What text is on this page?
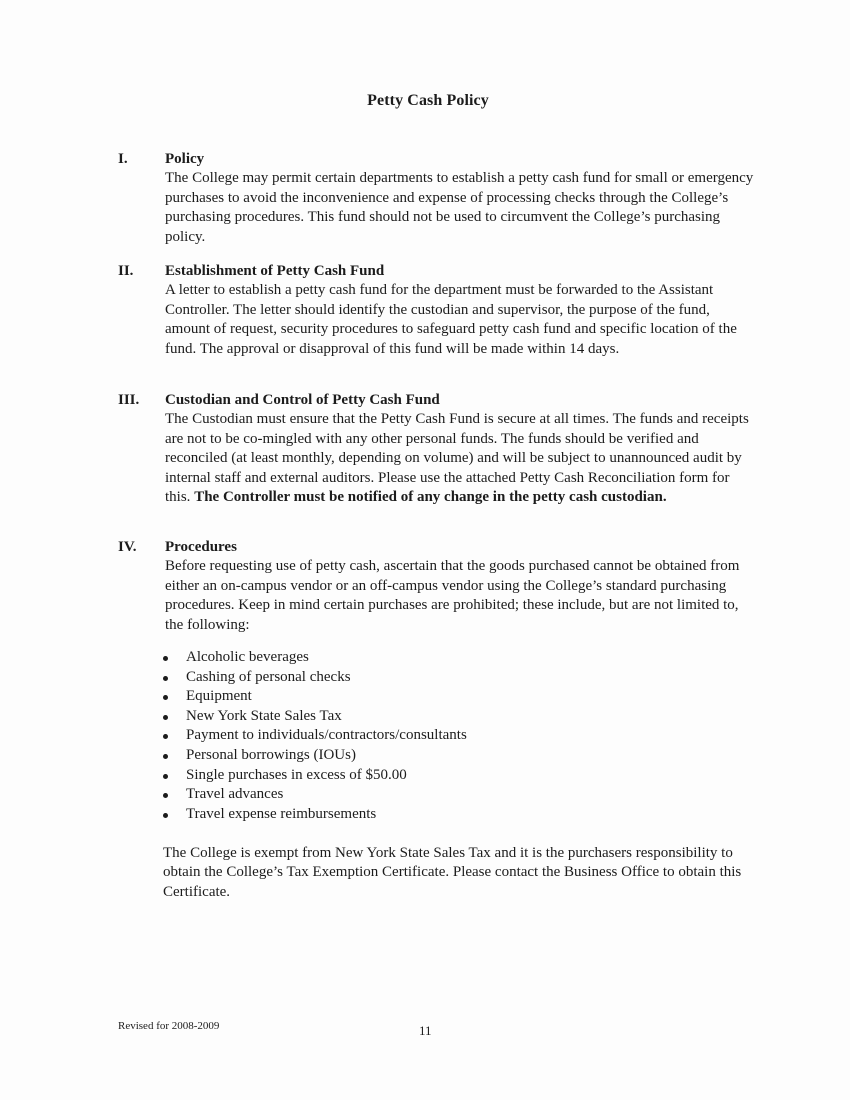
Petty Cash Policy
I. Policy
The College may permit certain departments to establish a petty cash fund for small or emergency purchases to avoid the inconvenience and expense of processing checks through the College’s purchasing procedures. This fund should not be used to circumvent the College’s purchasing policy.
II. Establishment of Petty Cash Fund
A letter to establish a petty cash fund for the department must be forwarded to the Assistant Controller. The letter should identify the custodian and supervisor, the purpose of the fund, amount of request, security procedures to safeguard petty cash fund and specific location of the fund. The approval or disapproval of this fund will be made within 14 days.
III. Custodian and Control of Petty Cash Fund
The Custodian must ensure that the Petty Cash Fund is secure at all times. The funds and receipts are not to be co-mingled with any other personal funds. The funds should be verified and reconciled (at least monthly, depending on volume) and will be subject to unannounced audit by internal staff and external auditors. Please use the attached Petty Cash Reconciliation form for this. The Controller must be notified of any change in the petty cash custodian.
IV. Procedures
Before requesting use of petty cash, ascertain that the goods purchased cannot be obtained from either an on-campus vendor or an off-campus vendor using the College’s standard purchasing procedures. Keep in mind certain purchases are prohibited; these include, but are not limited to, the following:
Alcoholic beverages
Cashing of personal checks
Equipment
New York State Sales Tax
Payment to individuals/contractors/consultants
Personal borrowings (IOUs)
Single purchases in excess of $50.00
Travel advances
Travel expense reimbursements
The College is exempt from New York State Sales Tax and it is the purchasers responsibility to obtain the College’s Tax Exemption Certificate. Please contact the Business Office to obtain this Certificate.
Revised for 2008-2009	11
